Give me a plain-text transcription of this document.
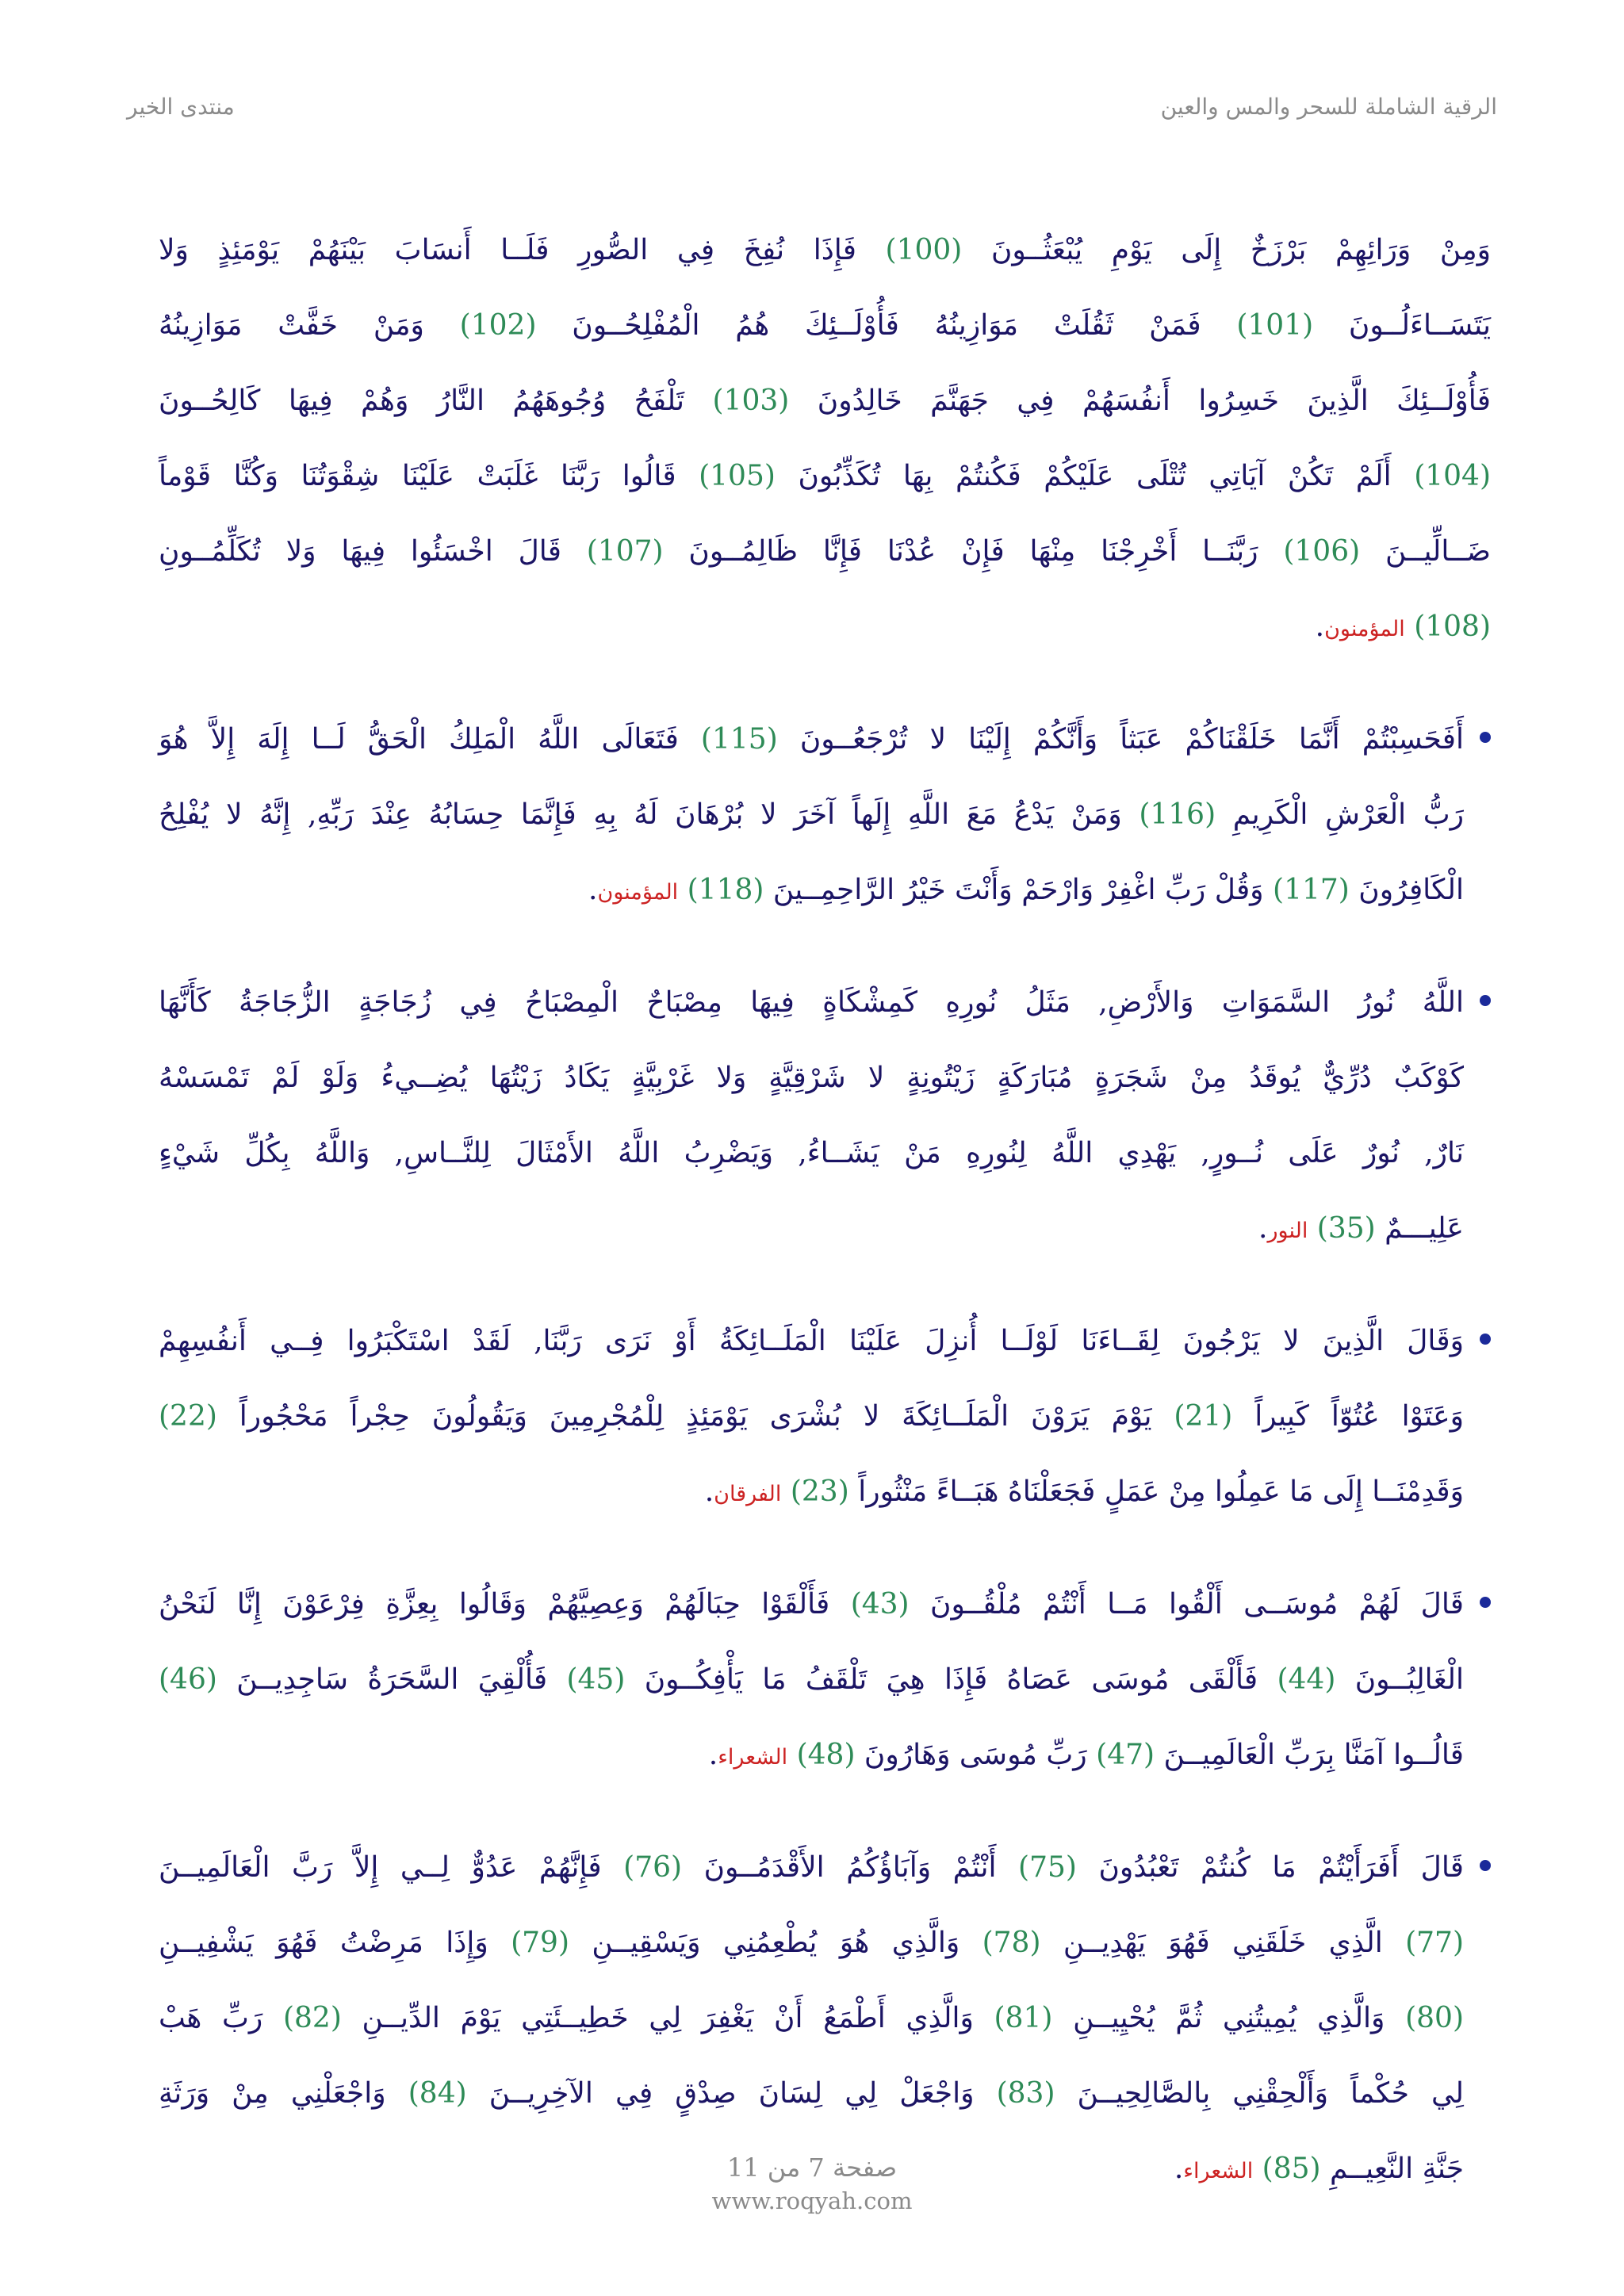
الرقية الشاملة للسحر والمس والعين
منتدى الخير
وَمِنْ وَرَائِهِمْ بَرْزَخٌ إِلَى يَوْمِ يُبْعَثُــونَ (100) فَإِذَا نُفِخَ فِي الصُّورِ فَلَــا أَنسَابَ بَيْنَهُمْ يَوْمَئِذٍ وَلا
يَتَسَــاءَلُــونَ (101) فَمَنْ ثَقُلَتْ مَوَازِينُهُ فَأُوْلَــئِكَ هُمُ الْمُفْلِحُــونَ (102) وَمَنْ خَفَّتْ مَوَازِينُهُ
فَأُوْلَــئِكَ الَّذِينَ خَسِرُوا أَنفُسَهُمْ فِي جَهَنَّمَ خَالِدُونَ (103) تَلْفَحُ وُجُوهَهُمُ النَّارُ وَهُمْ فِيهَا كَالِحُــونَ
(104) أَلَمْ تَكُنْ آيَاتِي تُتْلَى عَلَيْكُمْ فَكُنتُمْ بِهَا تُكَذِّبُونَ (105) قَالُوا رَبَّنَا غَلَبَتْ عَلَيْنَا شِقْوَتُنَا وَكُنَّا قَوْماً
ضَــالِّيــنَ (106) رَبَّنَــا أَخْرِجْنَا مِنْهَا فَإِنْ عُدْنَا فَإِنَّا ظَالِمُــونَ (107) قَالَ اخْسَئُوا فِيهَا وَلا تُكَلِّمُــونِ
(108) المؤمنون.
أَفَحَسِبْتُمْ أَنَّمَا خَلَقْنَاكُمْ عَبَثاً وَأَنَّكُمْ إِلَيْنَا لا تُرْجَعُــونَ (115) فَتَعَالَى اللَّهُ الْمَلِكُ الْحَقُّ لَــا إِلَهَ إِلاَّ هُوَ
رَبُّ الْعَرْشِ الْكَرِيمِ (116) وَمَنْ يَدْعُ مَعَ اللَّهِ إِلَهاً آخَرَ لا بُرْهَانَ لَهُ بِهِ فَإِنَّمَا حِسَابُهُ عِنْدَ رَبِّهِ, إِنَّهُ لا يُفْلِحُ
الْكَافِرُونَ (117) وَقُلْ رَبِّ اغْفِرْ وَارْحَمْ وَأَنْتَ خَيْرُ الرَّاحِمِــينَ (118) المؤمنون.
اللَّهُ نُورُ السَّمَوَاتِ وَالأَرْضِ, مَثَلُ نُورِهِ كَمِشْكَاةٍ فِيهَا مِصْبَاحٌ الْمِصْبَاحُ فِي زُجَاجَةٍ الزُّجَاجَةُ كَأَنَّهَا
كَوْكَبٌ دُرِّيٌّ يُوقَدُ مِنْ شَجَرَةٍ مُبَارَكَةٍ زَيْتُونِةٍ لا شَرْقِيَّةٍ وَلا غَرْبِيَّةٍ يَكَادُ زَيْتُهَا يُضِــيءُ وَلَوْ لَمْ تَمْسَسْهُ
نَارٌ, نُورٌ عَلَى نُــورٍ, يَهْدِي اللَّهُ لِنُورِهِ مَنْ يَشَــاءُ, وَيَضْرِبُ اللَّهُ الأَمْثَالَ لِلنَّــاسِ, وَاللَّهُ بِكُلِّ شَيْءٍ
عَلِيـــمٌ (35) النور.
وَقَالَ الَّذِينَ لا يَرْجُونَ لِقَــاءَنَا لَوْلَــا أُنزِلَ عَلَيْنَا الْمَلَــائِكَةُ أَوْ نَرَى رَبَّنَا, لَقَدْ اسْتَكْبَرُوا فِــي أَنفُسِهِمْ
وَعَتَوْا عُتُوّاً كَبِيراً (21) يَوْمَ يَرَوْنَ الْمَلَــائِكَةَ لا بُشْرَى يَوْمَئِذٍ لِلْمُجْرِمِينَ وَيَقُولُونَ حِجْراً مَحْجُوراً (22)
وَقَدِمْنَــا إِلَى مَا عَمِلُوا مِنْ عَمَلٍ فَجَعَلْنَاهُ هَبَــاءً مَنْثُوراً (23) الفرقان.
قَالَ لَهُمْ مُوسَــى أَلْقُوا مَــا أَنْتُمْ مُلْقُــونَ (43) فَأَلْقَوْا حِبَالَهُمْ وَعِصِيَّهُمْ وَقَالُوا بِعِزَّةِ فِرْعَوْنَ إِنَّا لَنَحْنُ
الْغَالِبُــونَ (44) فَأَلْقَى مُوسَى عَصَاهُ فَإِذَا هِيَ تَلْقَفُ مَا يَأْفِكُــونَ (45) فَأُلْقِيَ السَّحَرَةُ سَاجِدِيــنَ (46)
قَالُــوا آمَنَّا بِرَبِّ الْعَالَمِيــنَ (47) رَبِّ مُوسَى وَهَارُونَ (48) الشعراء.
قَالَ أَفَرَأَيْتُمْ مَا كُنتُمْ تَعْبُدُونَ (75) أَنْتُمْ وَآبَاؤُكُمُ الأَقْدَمُــونَ (76) فَإِنَّهُمْ عَدُوٌّ لِــي إِلاَّ رَبَّ الْعَالَمِيــنَ
(77) الَّذِي خَلَقَنِي فَهُوَ يَهْدِيــنِ (78) وَالَّذِي هُوَ يُطْعِمُنِي وَيَسْقِيــنِ (79) وَإِذَا مَرِضْتُ فَهُوَ يَشْفِيــنِ
(80) وَالَّذِي يُمِيتُنِي ثُمَّ يُحْيِيــنِ (81) وَالَّذِي أَطْمَعُ أَنْ يَغْفِرَ لِي خَطِيــئَتِي يَوْمَ الدِّيــنِ (82) رَبِّ هَبْ
لِي حُكْماً وَأَلْحِقْنِي بِالصَّالِحِيــنَ (83) وَاجْعَلْ لِي لِسَانَ صِدْقٍ فِي الآخِرِيــنَ (84) وَاجْعَلْنِي مِنْ وَرَثَةِ
جَنَّةِ النَّعِيــمِ (85) الشعراء.
صفحة 7 من 11
www.roqyah.com
